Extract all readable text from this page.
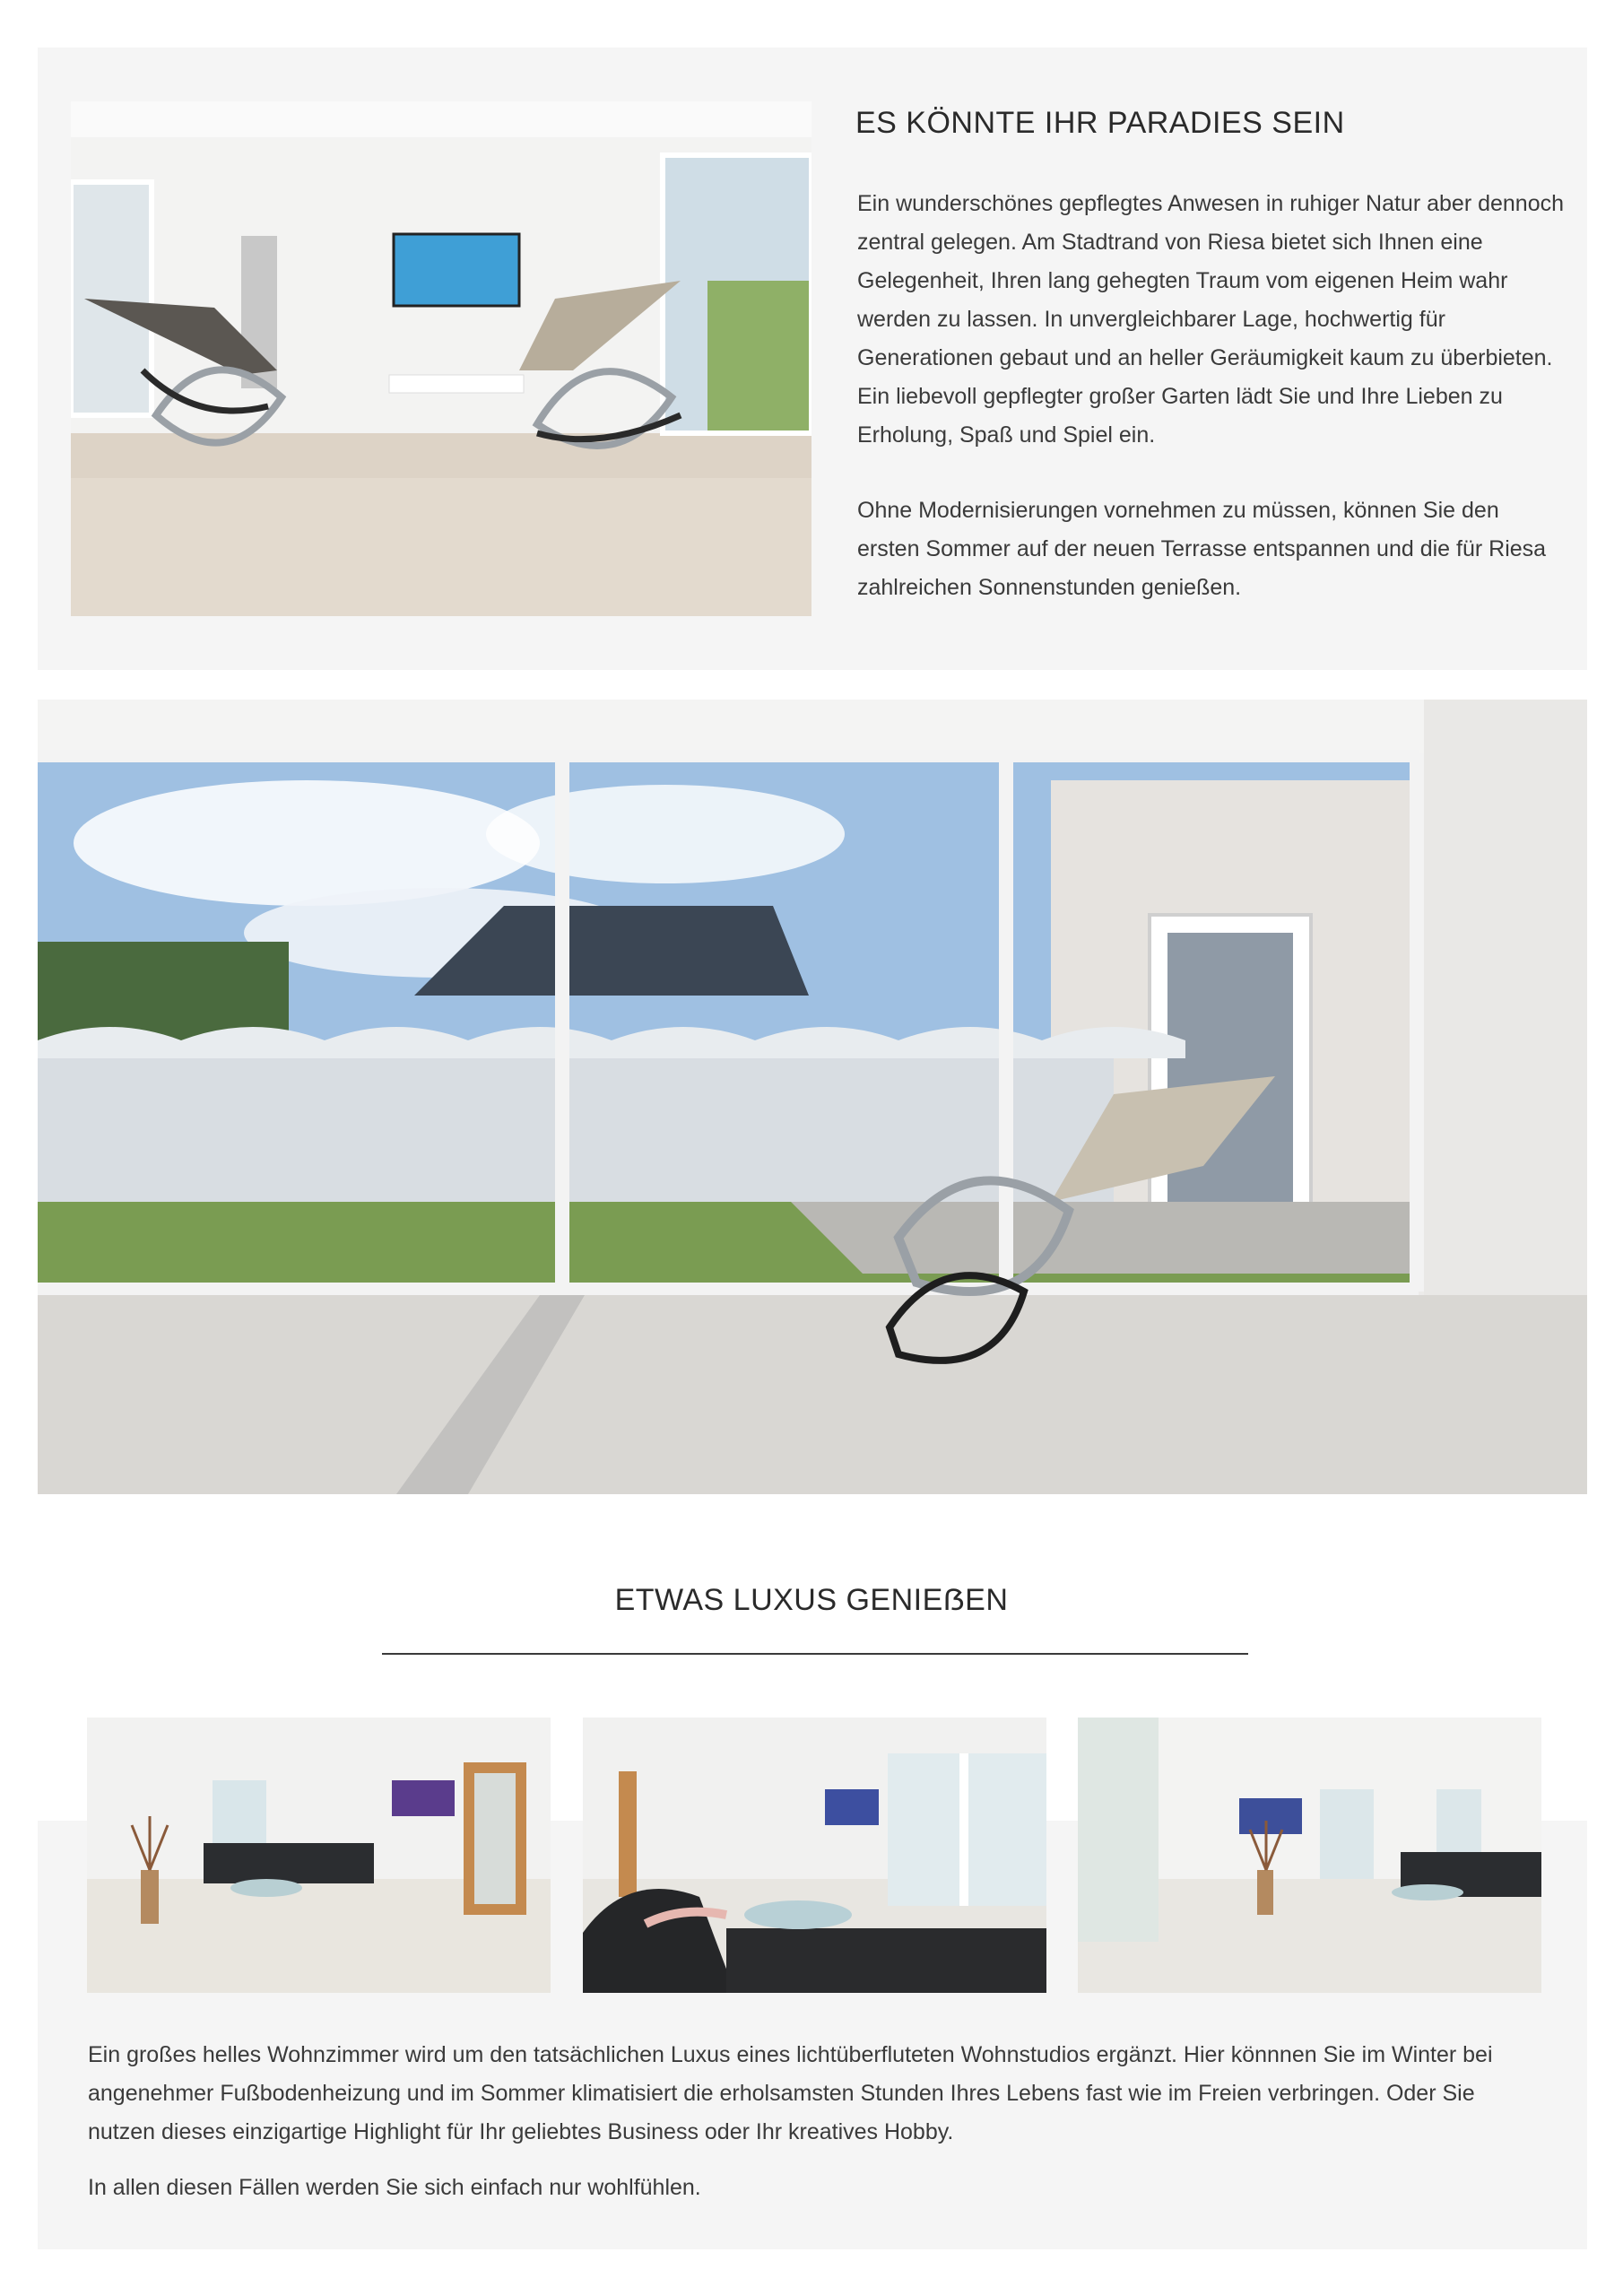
ES KÖNNTE IHR PARADIES SEIN

Ein wunderschönes gepflegtes Anwesen in ruhiger Natur aber dennoch zentral gelegen. Am Stadtrand von Riesa bietet sich Ihnen eine Gelegenheit, Ihren lang gehegten Traum vom eigenen Heim wahr werden zu lassen. In unvergleichbarer Lage, hochwertig für Generationen gebaut und an heller Geräumigkeit kaum zu überbieten. Ein liebevoll gepflegter großer Garten lädt Sie und Ihre Lieben zu Erholung, Spaß und Spiel ein.

Ohne Modernisierungen vornehmen zu müssen, können Sie den ersten Sommer auf der neuen Terrasse entspannen und die für Riesa zahlreichen Sonnenstunden genießen.

ETWAS LUXUS GENIEẞEN

Ein großes helles Wohnzimmer wird um den tatsächlichen Luxus eines lichtüberfluteten Wohnstudios ergänzt. Hier könnnen Sie im Winter bei angenehmer Fußbodenheizung und im Sommer klimatisiert die erholsamsten Stunden Ihres Lebens fast wie im Freien verbringen. Oder Sie nutzen dieses einzigartige Highlight für Ihr geliebtes Business oder Ihr kreatives Hobby.

In allen diesen Fällen werden Sie sich einfach nur wohlfühlen.
